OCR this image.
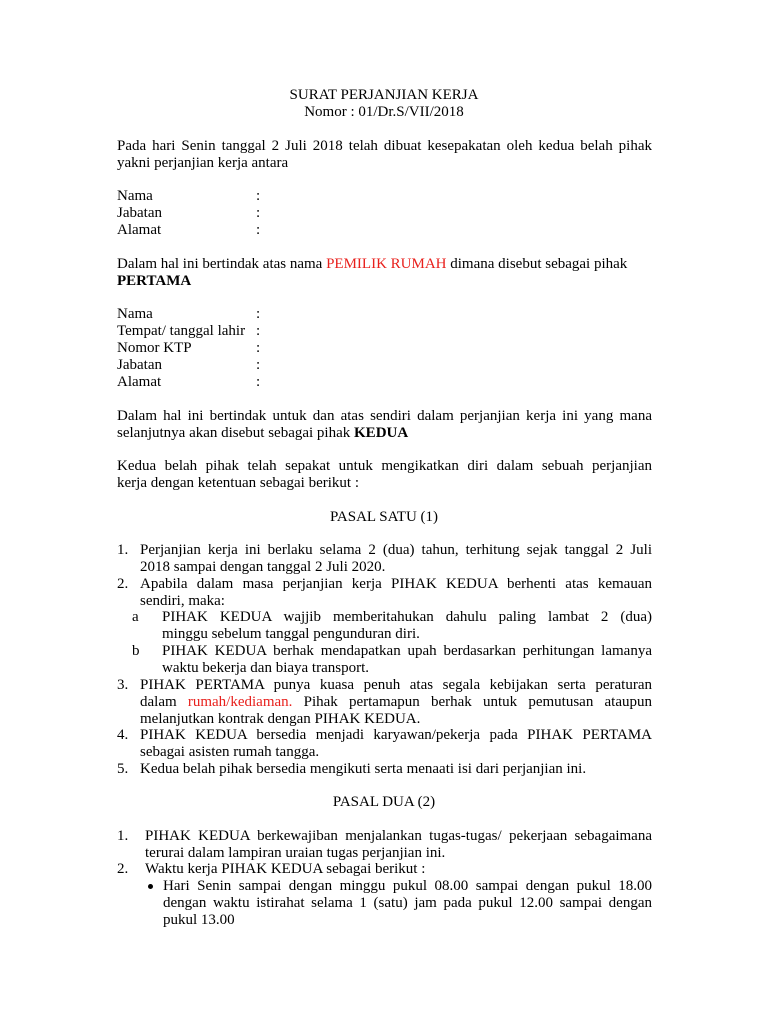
SURAT PERJANJIAN KERJA
Nomor : 01/Dr.S/VII/2018
Pada hari Senin tanggal 2 Juli 2018 telah dibuat kesepakatan oleh kedua belah pihak
yakni perjanjian kerja antara
Nama	:
Jabatan	:
Alamat	:
Dalam hal ini bertindak atas nama PEMILIK RUMAH dimana disebut sebagai pihak
PERTAMA
Nama	:
Tempat/ tanggal lahir :
Nomor KTP	:
Jabatan	:
Alamat	:
Dalam hal ini bertindak untuk dan atas sendiri dalam perjanjian kerja ini yang mana
selanjutnya akan disebut sebagai pihak KEDUA
Kedua belah pihak telah sepakat untuk mengikatkan diri dalam sebuah perjanjian
kerja dengan ketentuan sebagai berikut :
PASAL SATU (1)
1. Perjanjian kerja ini berlaku selama 2 (dua) tahun, terhitung sejak tanggal 2 Juli
2018 sampai dengan tanggal 2 Juli 2020.
2. Apabila dalam masa perjanjian kerja PIHAK KEDUA berhenti atas kemauan
sendiri, maka:
a PIHAK KEDUA wajjib memberitahukan dahulu paling lambat 2 (dua)
minggu sebelum tanggal pengunduran diri.
b PIHAK KEDUA berhak mendapatkan upah berdasarkan perhitungan lamanya
waktu bekerja dan biaya transport.
3. PIHAK PERTAMA punya kuasa penuh atas segala kebijakan serta peraturan
dalam rumah/kediaman. Pihak pertamapun berhak untuk pemutusan ataupun
melanjutkan kontrak dengan PIHAK KEDUA.
4. PIHAK KEDUA bersedia menjadi karyawan/pekerja pada PIHAK PERTAMA
sebagai asisten rumah tangga.
5. Kedua belah pihak bersedia mengikuti serta menaati isi dari perjanjian ini.
PASAL DUA (2)
1. PIHAK KEDUA berkewajiban menjalankan tugas-tugas/ pekerjaan sebagaimana
terurai dalam lampiran uraian tugas perjanjian ini.
2. Waktu kerja PIHAK KEDUA sebagai berikut :
Hari Senin sampai dengan minggu pukul 08.00 sampai dengan pukul 18.00
dengan waktu istirahat selama 1 (satu) jam pada pukul 12.00 sampai dengan
pukul 13.00
